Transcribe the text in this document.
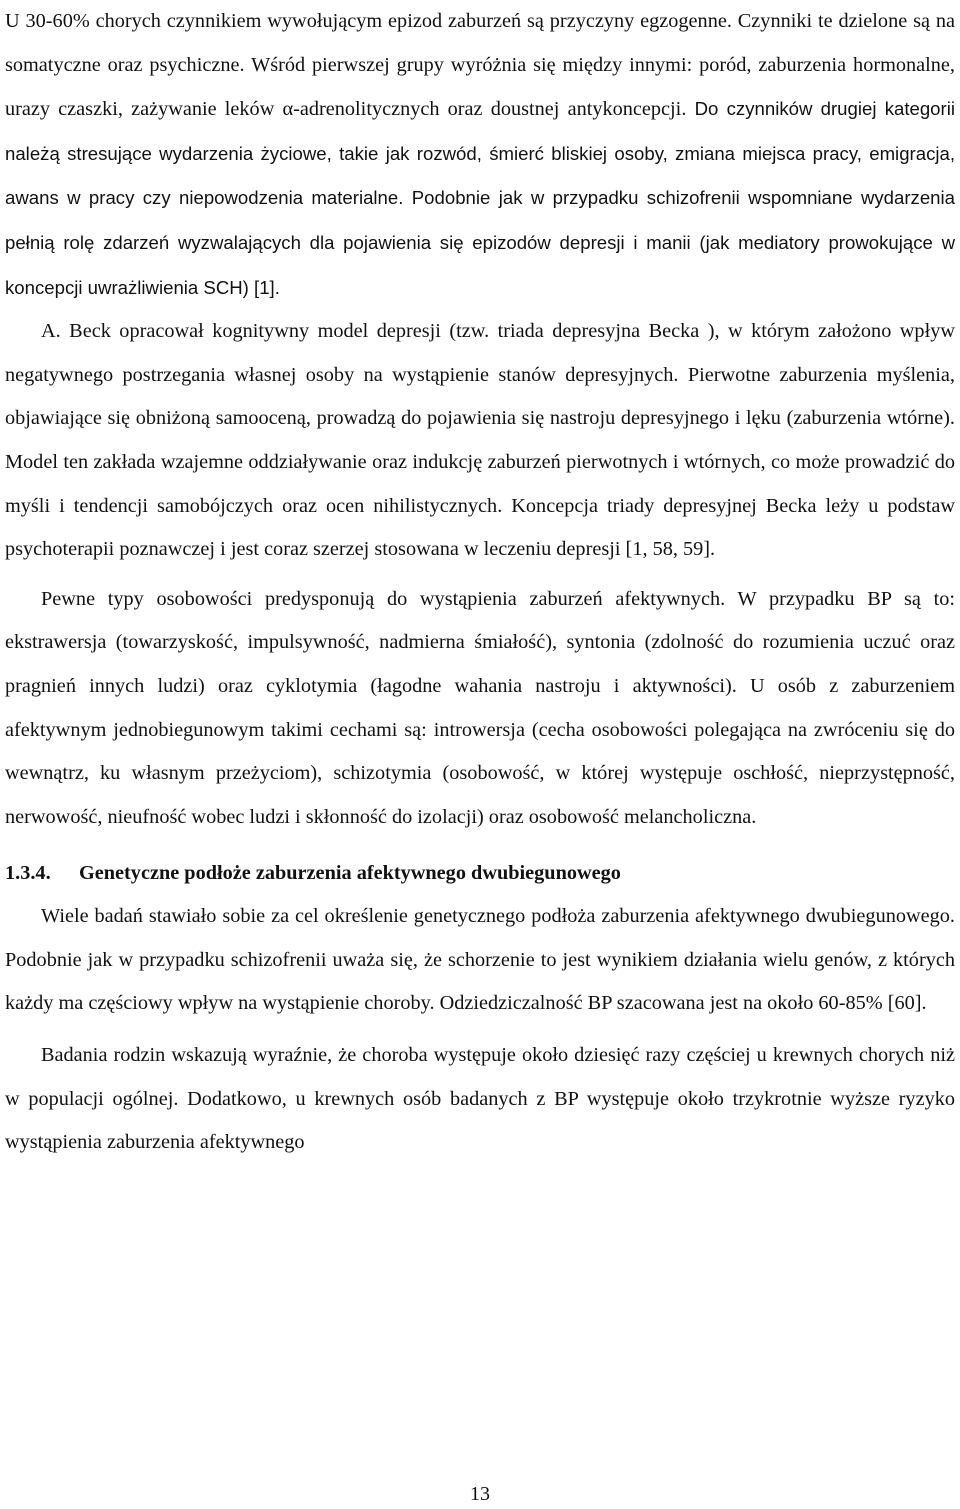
U 30-60% chorych czynnikiem wywołującym epizod zaburzeń są przyczyny egzogenne. Czynniki te dzielone są na somatyczne oraz psychiczne. Wśród pierwszej grupy wyróżnia się między innymi: poród, zaburzenia hormonalne, urazy czaszki, zażywanie leków α-adrenolitycznych oraz doustnej antykoncepcji. Do czynników drugiej kategorii należą stresujące wydarzenia życiowe, takie jak rozwód, śmierć bliskiej osoby, zmiana miejsca pracy, emigracja, awans w pracy czy niepowodzenia materialne. Podobnie jak w przypadku schizofrenii wspomniane wydarzenia pełnią rolę zdarzeń wyzwalających dla pojawienia się epizodów depresji i manii (jak mediatory prowokujące w koncepcji uwrażliwienia SCH) [1].

A. Beck opracował kognitywny model depresji (tzw. triada depresyjna Becka ), w którym założono wpływ negatywnego postrzegania własnej osoby na wystąpienie stanów depresyjnych. Pierwotne zaburzenia myślenia, objawiające się obniżoną samooceną, prowadzą do pojawienia się nastroju depresyjnego i lęku (zaburzenia wtórne). Model ten zakłada wzajemne oddziaływanie oraz indukcję zaburzeń pierwotnych i wtórnych, co może prowadzić do myśli i tendencji samobójczych oraz ocen nihilistycznych. Koncepcja triady depresyjnej Becka leży u podstaw psychoterapii poznawczej i jest coraz szerzej stosowana w leczeniu depresji [1, 58, 59].

Pewne typy osobowości predysponują do wystąpienia zaburzeń afektywnych. W przypadku BP są to: ekstrawersja (towarzyskość, impulsywność, nadmierna śmiałość), syntonia (zdolność do rozumienia uczuć oraz pragnień innych ludzi) oraz cyklotymia (łagodne wahania nastroju i aktywności). U osób z zaburzeniem afektywnym jednobiegunowym takimi cechami są: introwersja (cecha osobowości polegająca na zwróceniu się do wewnątrz, ku własnym przeżyciom), schizotymia (osobowość, w której występuje oschłość, nieprzystępność, nerwowość, nieufność wobec ludzi i skłonność do izolacji) oraz osobowość melancholiczna.

1.3.4. Genetyczne podłoże zaburzenia afektywnego dwubiegunowego

Wiele badań stawiało sobie za cel określenie genetycznego podłoża zaburzenia afektywnego dwubiegunowego. Podobnie jak w przypadku schizofrenii uważa się, że schorzenie to jest wynikiem działania wielu genów, z których każdy ma częściowy wpływ na wystąpienie choroby. Odziedziczalność BP szacowana jest na około 60-85% [60].

Badania rodzin wskazują wyraźnie, że choroba występuje około dziesięć razy częściej u krewnych chorych niż w populacji ogólnej. Dodatkowo, u krewnych osób badanych z BP występuje około trzykrotnie wyższe ryzyko wystąpienia zaburzenia afektywnego

13
